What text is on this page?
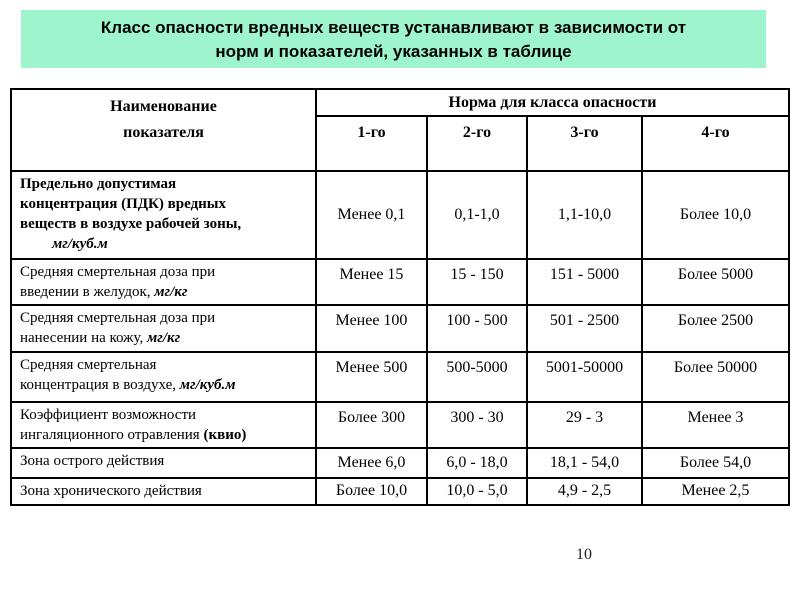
Класс опасности вредных веществ устанавливают в зависимости от
норм и показателей, указанных в таблице
Наименование
показателя	Норма для класса опасности			
	1-го	2-го	3-го	4-го

Предельно допустимая
концентрация (ПДК) вредных
веществ в воздухе рабочей зоны,
мг/куб.м	Менее 0,1	0,1-1,0	1,1-10,0	Более 10,0

Средняя смертельная доза при
введении в желудок, мг/кг	Менее 15	15 - 150	151 - 5000	Более 5000

Средняя смертельная доза при
нанесении на кожу, мг/кг	Менее 100	100 - 500	501 - 2500	Более 2500

Средняя смертельная
концентрация в воздухе, мг/куб.м	Менее 500	500-5000	5001-50000	Более 50000

Коэффициент возможности
ингаляционного отравления (квио)	Более 300	300 - 30	29 - 3	Менее 3

Зона острого действия	Менее 6,0	6,0 - 18,0	18,1 - 54,0	Более 54,0

Зона хронического действия	Более 10,0	10,0 - 5,0	4,9 - 2,5	Менее 2,5
10
